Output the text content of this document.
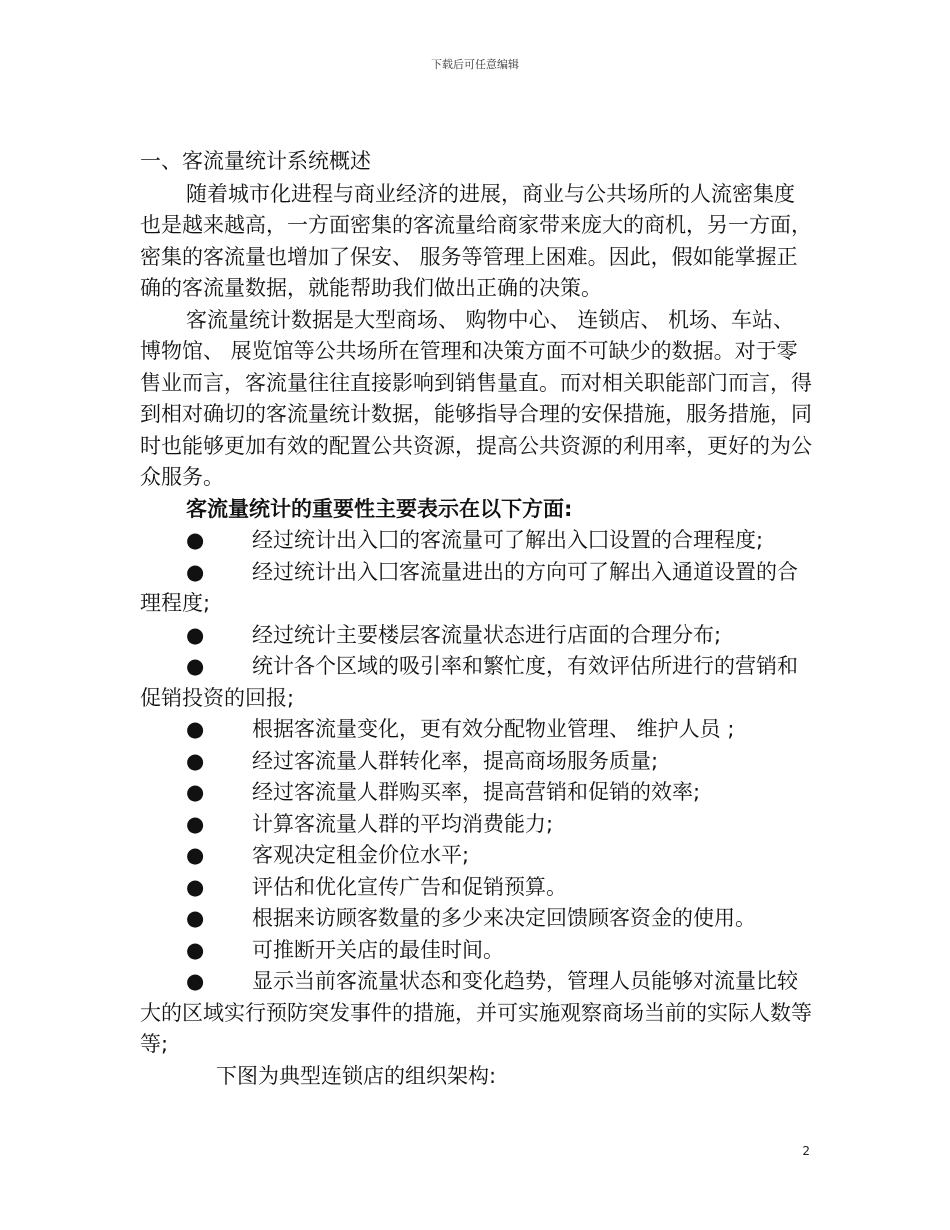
下载后可任意编辑

一、客流量统计系统概述

随着城市化进程与商业经济的进展，商业与公共场所的人流密集度也是越来越高，一方面密集的客流量给商家带来庞大的商机，另一方面，密集的客流量也增加了保安、 服务等管理上困难。因此，假如能掌握正确的客流量数据，就能帮助我们做出正确的决策。

客流量统计数据是大型商场、 购物中心、 连锁店、 机场、车站、 博物馆、 展览馆等公共场所在管理和决策方面不可缺少的数据。对于零售业而言，客流量往往直接影响到销售量直。而对相关职能部门而言，得到相对确切的客流量统计数据，能够指导合理的安保措施，服务措施，同时也能够更加有效的配置公共资源，提高公共资源的利用率，更好的为公众服务。

客流量统计的重要性主要表示在以下方面:

● 经过统计出入囗的客流量可了解出入囗设置的合理程度;

● 经过统计出入囗客流量进出的方向可了解出入通道设置的合理程度;

● 经过统计主要楼层客流量状态进行店面的合理分布;

● 统计各个区域的吸引率和繁忙度，有效评估所进行的营销和促销投资的回报;

● 根据客流量变化，更有效分配物业管理、 维护人员 ;

● 经过客流量人群转化率，提高商场服务质量;

● 经过客流量人群购买率，提高营销和促销的效率;

● 计算客流量人群的平均消费能力;

● 客观决定租金价位水平;

● 评估和优化宣传广告和促销预算。

● 根据来访顾客数量的多少来决定回馈顾客资金的使用。

● 可推断开关店的最佳时间。

● 显示当前客流量状态和变化趋势，管理人员能够对流量比较大的区域实行预防突发事件的措施，并可实施观察商场当前的实际人数等等;

下图为典型连锁店的组织架构:

2
